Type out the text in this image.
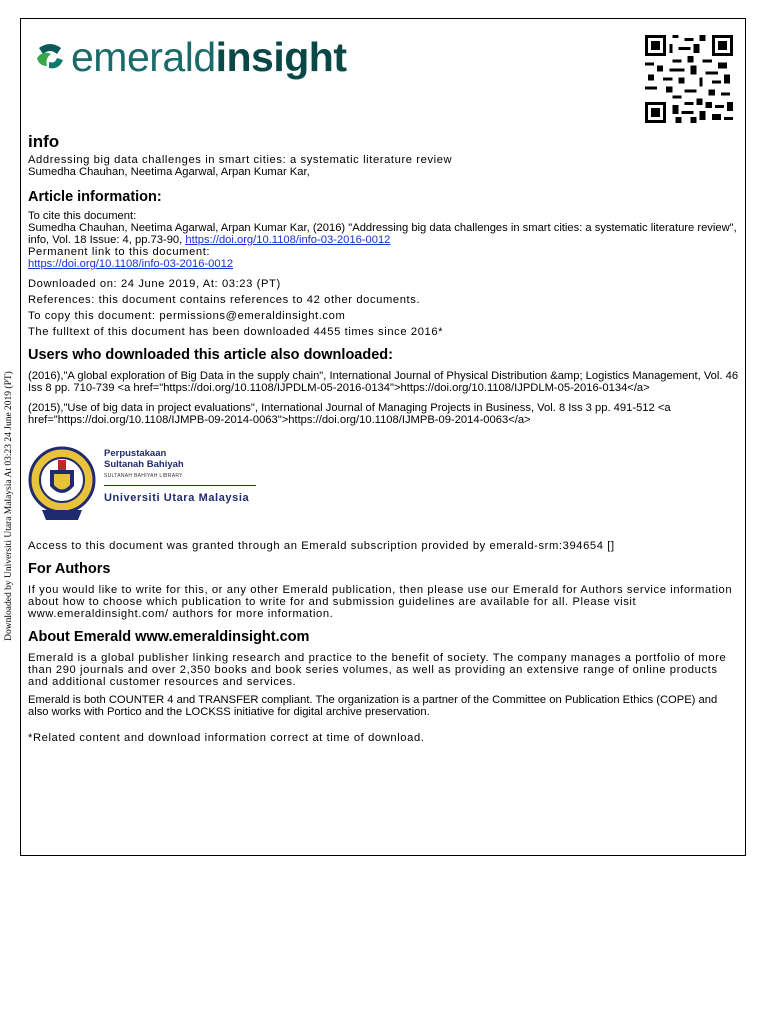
Downloaded by Universiti Utara Malaysia At 03:23 24 June 2019 (PT)
emeraldinsight
info
Addressing big data challenges in smart cities: a systematic literature review
Sumedha Chauhan, Neetima Agarwal, Arpan Kumar Kar,
Article information:
To cite this document:
Sumedha Chauhan, Neetima Agarwal, Arpan Kumar Kar, (2016) "Addressing big data challenges in smart cities: a systematic literature review", info, Vol. 18 Issue: 4, pp.73-90, https://doi.org/10.1108/info-03-2016-0012
Permanent link to this document:
https://doi.org/10.1108/info-03-2016-0012
Downloaded on: 24 June 2019, At: 03:23 (PT)
References: this document contains references to 42 other documents.
To copy this document: permissions@emeraldinsight.com
The fulltext of this document has been downloaded 4455 times since 2016*
Users who downloaded this article also downloaded:
(2016),"A global exploration of Big Data in the supply chain", International Journal of Physical Distribution &amp; Logistics Management, Vol. 46 Iss 8 pp. 710-739 <a href="https://doi.org/10.1108/IJPDLM-05-2016-0134">https://doi.org/10.1108/IJPDLM-05-2016-0134</a>
(2015),"Use of big data in project evaluations", International Journal of Managing Projects in Business, Vol. 8 Iss 3 pp. 491-512 <a href="https://doi.org/10.1108/IJMPB-09-2014-0063">https://doi.org/10.1108/IJMPB-09-2014-0063</a>
Perpustakaan
Sultanah Bahiyah
SULTANAH BAHIYAH LIBRARY
Universiti Utara Malaysia
Access to this document was granted through an Emerald subscription provided by emerald-srm:394654 []
For Authors
If you would like to write for this, or any other Emerald publication, then please use our Emerald for Authors service information about how to choose which publication to write for and submission guidelines are available for all. Please visit www.emeraldinsight.com/ authors for more information.
About Emerald www.emeraldinsight.com
Emerald is a global publisher linking research and practice to the benefit of society. The company manages a portfolio of more than 290 journals and over 2,350 books and book series volumes, as well as providing an extensive range of online products and additional customer resources and services.
Emerald is both COUNTER 4 and TRANSFER compliant. The organization is a partner of the Committee on Publication Ethics (COPE) and also works with Portico and the LOCKSS initiative for digital archive preservation.
*Related content and download information correct at time of download.
